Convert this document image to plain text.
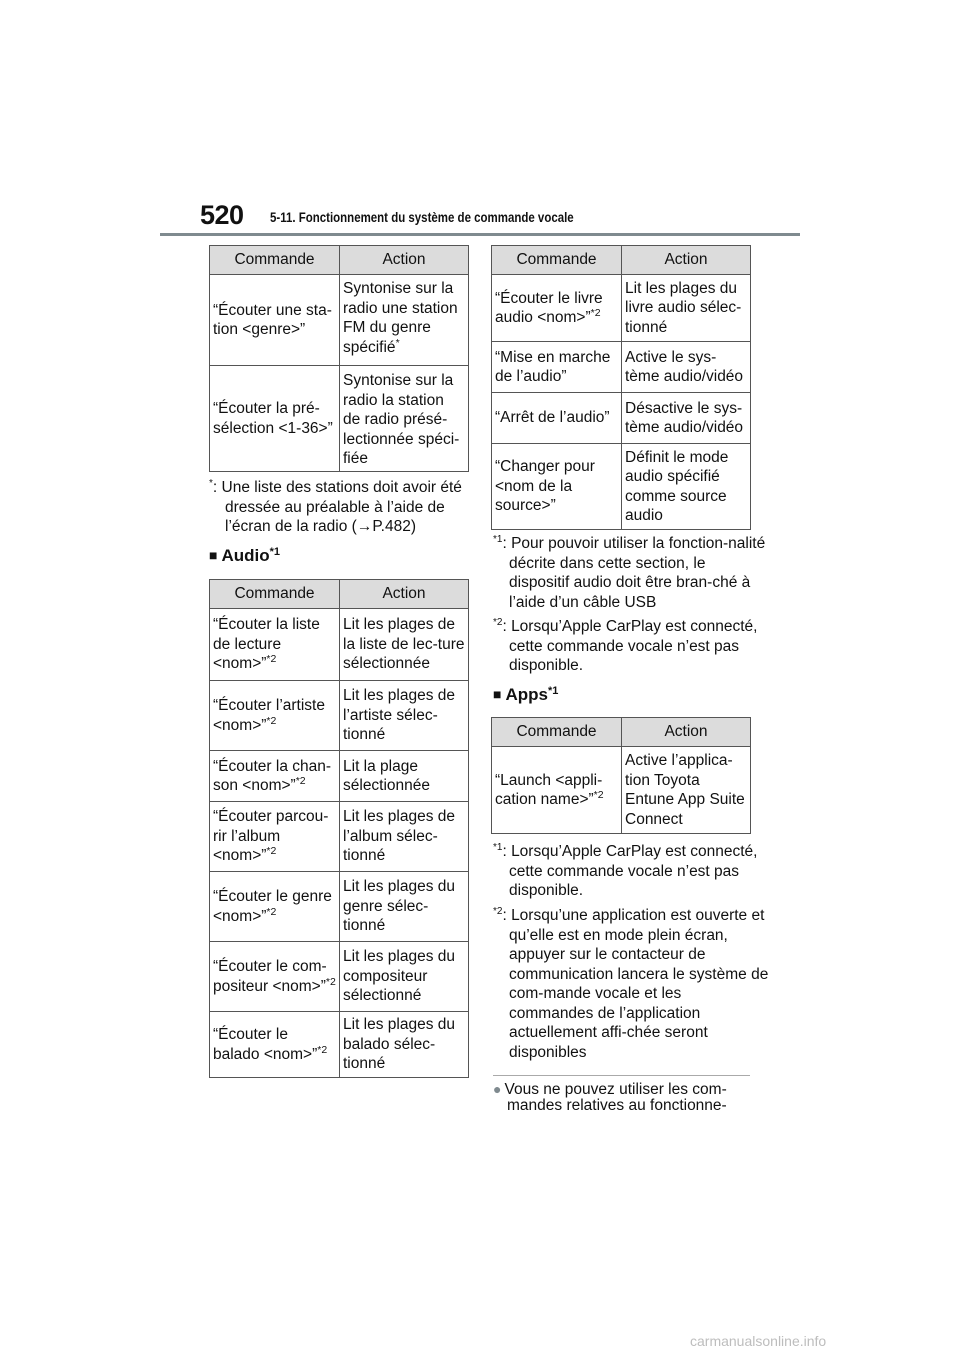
520 5-11. Fonctionnement du système de commande vocale
Commande	Action
“Écouter une sta-tion <genre>”	Syntonise sur la radio une station FM du genre spécifié*
“Écouter la pré-sélection <1-36>”	Syntonise sur la radio la station de radio présé-lectionnée spéci-fiée
*: Une liste des stations doit avoir été dressée au préalable à l’aide de l’écran de la radio (→P.482)
■ Audio$^{*1}$
Commande	Action
“Écouter la liste de lecture <nom>”$^{*2}$	Lit les plages de la liste de lec-ture sélectionnée
“Écouter l’artiste <nom>”$^{*2}$	Lit les plages de l’artiste sélec-tionné
“Écouter la chan-son <nom>”$^{*2}$	Lit la plage sélectionnée
“Écouter parcou-rir l’album <nom>”$^{*2}$	Lit les plages de l’album sélec-tionné
“Écouter le genre <nom>”$^{*2}$	Lit les plages du genre sélec-tionné
“Écouter le com-positeur <nom>”$^{*2}$	Lit les plages du compositeur sélectionné
“Écouter le balado <nom>”$^{*2}$	Lit les plages du balado sélec-tionné
Commande	Action
“Écouter le livre audio <nom>”$^{*2}$	Lit les plages du livre audio sélec-tionné
“Mise en marche de l’audio”	Active le sys-tème audio/vidéo
“Arrêt de l’audio”	Désactive le sys-tème audio/vidéo
“Changer pour <nom de la source>”	Définit le mode audio spécifié comme source audio
$^{*1}$: Pour pouvoir utiliser la fonction-nalité décrite dans cette section, le dispositif audio doit être bran-ché à l’aide d’un câble USB
$^{*2}$: Lorsqu’Apple CarPlay est connecté, cette commande vocale n’est pas disponible.
■ Apps$^{*1}$
Commande	Action
“Launch <appli-cation name>”$^{*2}$	Active l’applica-tion Toyota Entune App Suite Connect
$^{*1}$: Lorsqu’Apple CarPlay est connecté, cette commande vocale n’est pas disponible.
$^{*2}$: Lorsqu’une application est ouverte et qu’elle est en mode plein écran, appuyer sur le contacteur de communication lancera le système de com-mande vocale et les commandes de l’application actuellement affi-chée seront disponibles
● Vous ne pouvez utiliser les com-mandes relatives au fonctionne-
carmanualsonline.info
